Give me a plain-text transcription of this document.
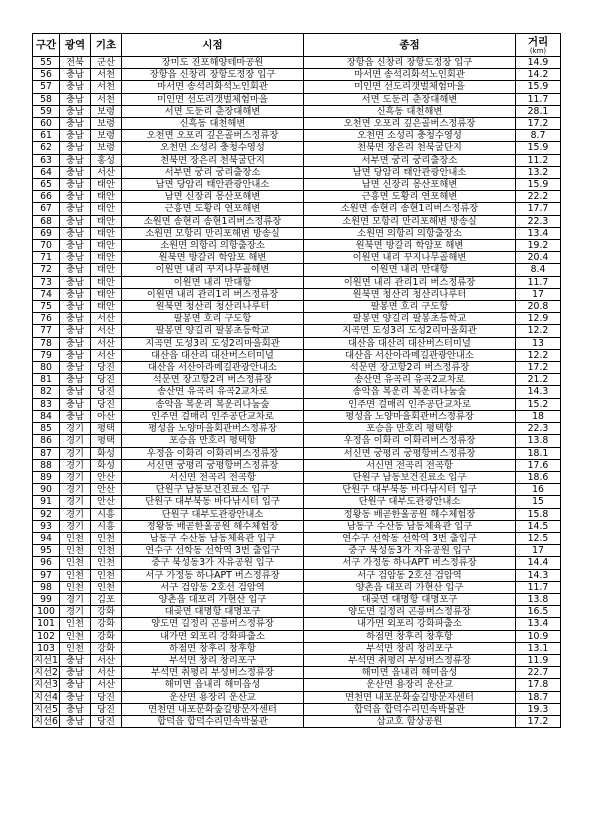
구간	광역	기초	시점	종점	거리
(km)

55	전북	군산	장미도 진포해양테마공원	장항읍 신창리 장항도정장 입구	14.9
56	충남	서천	장항읍 신창리 장항도정장 입구	마서면 송석리화석노인회관	14.2
57	충남	서천	마서면 송석리화석노인회관	미인면 선도리갯벌체험마을	15.9
58	충남	서천	미인면 선도리갯벌체험마을	서면 도둔리 춘장대해변	11.7
59	충남	보령	서면 도둔리 춘장대해변	신흑동 대천해변	28.1
60	충남	보령	신흑동 대천해변	오천면 오포리 깊은골버스정류장	17.2
61	충남	보령	오천면 오포리 깊은골버스정류장	오천면 소성리 충청수영성	8.7
62	충남	보령	오천면 소성리 충청수영성	천북면 장은리 천북굴단지	15.9
63	충남	홍성	천북면 장은리 천북굴단지	서부면 궁리 궁리출장소	11.2
64	충남	서산	서부면 궁리 궁리출장소	남면 당암리 태안관광안내소	13.2
65	충남	태안	남면 당암리 태안관광안내소	남면 신장리 몽산포해변	15.9
66	충남	태안	남면 신장리 몽산포해변	근흥면 도황리 연포해변	22.2
67	충남	태안	근흥면 도황리 연포해변	소원면 송현리 송현1리버스정류장	17.7
68	충남	태안	소원면 송현리 송현1리버스정류장	소원면 모항리 만리포해변 방송실	22.3
69	충남	태안	소원면 모항리 만리포해변 방송실	소원면 의항리 의항출장소	13.4
70	충남	태안	소원면 의항리 의항출장소	원북면 방갈리 학암포 해변	19.2
71	충남	태안	원북면 방갈리 학암포 해변	이원면 내리 꾸지나무골해변	20.4
72	충남	태안	이원면 내리 꾸지나무골해변	이원면 내리 만대항	8.4
73	충남	태안	이원면 내리 만대항	이원면 내리 관리1리 버스정류장	11.7
74	충남	태안	이원면 내리 관리1리 버스정류장	원북면 청산리 청산리나루터	17
75	충남	태안	원북면 청산리 청산리나루터	팔봉면 호리 구도항	20.8
76	충남	서산	팔봉면 호리 구도항	팔봉면 양길리 팔봉초등학교	12.9
77	충남	서산	팔봉면 양길리 팔봉초등학교	지곡면 도성3리 도성2리마을회관	12.2
78	충남	서산	지곡면 도성3리 도성2리마을회관	대산읍 대산리 대산버스터미널	13
79	충남	서산	대산읍 대산리 대산버스터미널	대산읍 서산아라메길관광안내소	12.2
80	충남	당진	대산읍 서산아라메길관광안내소	석문면 장고항2리 버스정류장	17.2
81	충남	당진	석문면 장고항2리 버스정류장	송산면 유곡리 유곡2교차로	21.2
82	충남	당진	송산면 유곡리 유곡2교차로	송악읍 복운리 복운리나눔숲	14.3
83	충남	당진	송악읍 복운리 복운리나눔숲	인주면 걸매리 인주공단교차로	15.2
84	충남	아산	인주면 걸매리 인주공단교차로	평성읍 노양마을회관버스정류장	18
85	경기	평택	평성읍 노양마을회관버스정류장	포승읍 만호리 평택항	22.3
86	경기	평택	포승읍 만호리 평택항	우정읍 이화리 이화리버스정류장	13.8
87	경기	화성	우정읍 이화리 이화리버스정류장	서신면 궁평리 궁평항버스정류장	18.1
88	경기	화성	서신면 궁평리 궁평항버스정류장	서신면 전곡리 전곡항	17.6
89	경기	안산	서신면 전곡리 전곡항	단원구 남동보건진료소 입구	18.6
90	경기	안산	단원구 남동보건진료소 입구	단원구 대부북동 바다낚시터 입구	16
91	경기	안산	단원구 대부북동 바다낚시터 입구	단원구 대부도관광안내소	15
92	경기	시흥	단원구 대부도관광안내소	정왕동 배곧한울공원 해수체험장	15.8
93	경기	시흥	정왕동 배곧한울공원 해수체험장	남동구 수산동 남동체육관 입구	14.5
94	인천	인천	남동구 수산동 남동체육관 입구	연수구 선학동 선학역 3번 출입구	12.5
95	인천	인천	연수구 선학동 선학역 3번 출입구	중구 북성동3가 자유공원 입구	17
96	인천	인천	중구 북성동3가 자유공원 입구	서구 가정동 하나APT 버스정류장	14.4
97	인천	인천	서구 가정동 하나APT 버스정류장	서구 검암동 2호선 검암역	14.3
98	인천	인천	서구 검암동 2호선 검암역	양촌읍 대포리 가현산 입구	11.7
99	경기	김포	양촌읍 대포리 가현산 입구	대곶면 대명항 대명포구	13.8
100	경기	강화	대곶면 대명항 대명포구	양도면 길정리 곤릉버스정류장	16.5
101	인천	강화	양도면 길정리 곤릉버스정류장	내가면 외포리 강화파출소	13.4
102	인천	강화	내가면 외포리 강화파출소	하점면 창후리 창후항	10.9
103	인천	강화	하점면 창후리 창후항	부석면 창리 창리포구	13.1
지선1	충남	서산	부석면 창리 창리포구	부석면 취평리 부성버스정류장	11.9
지선2	충남	서산	부석면 취평리 부성버스정류장	해미면 읍내리 해미읍성	22.7
지선3	충남	서산	해미면 읍내리 해미읍성	운산면 용장리 운산교	17.8
지선4	충남	당진	운산면 용장리 운산교	면천면 내포문화숲길방문자센터	18.7
지선5	충남	당진	면천면 내포문화숲길방문자센터	합덕읍 합덕수리민속박물관	19.3
지선6	충남	당진	합덕읍 합덕수리민속박물관	삽교호 함상공원	17.2
